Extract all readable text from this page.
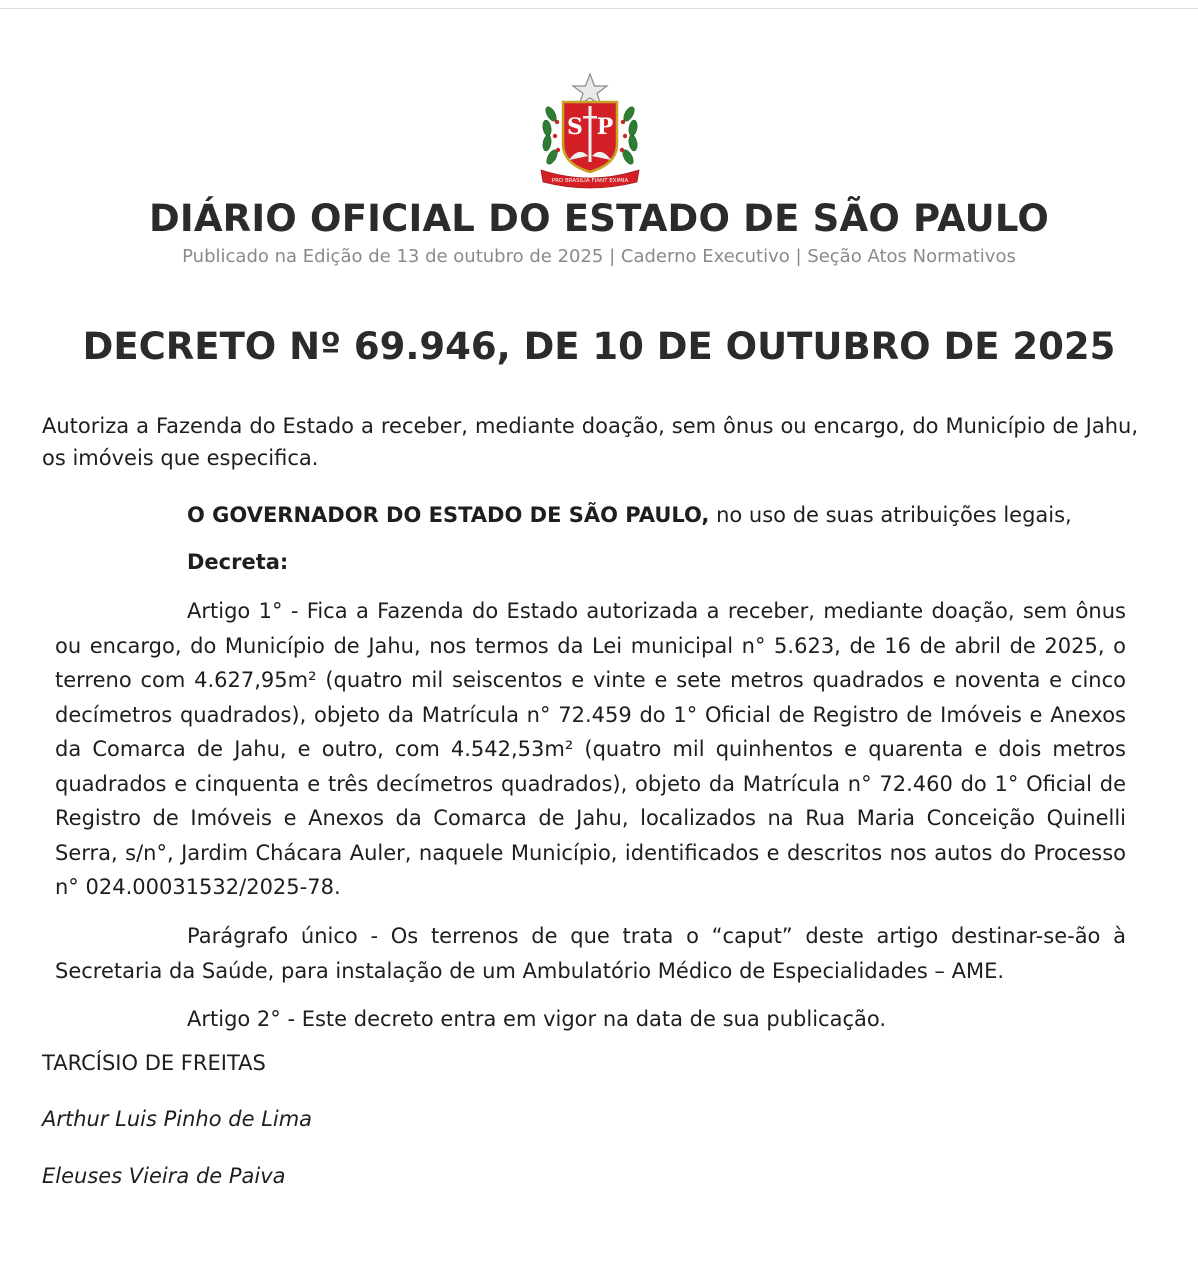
S P
PRO BRASILIA FIANT EXIMIA
DIÁRIO OFICIAL DO ESTADO DE SÃO PAULO
Publicado na Edição de 13 de outubro de 2025 | Caderno Executivo | Seção Atos Normativos
DECRETO Nº 69.946, DE 10 DE OUTUBRO DE 2025
Autoriza a Fazenda do Estado a receber, mediante doação, sem ônus ou encargo, do Município de Jahu, os imóveis que especifica.
O GOVERNADOR DO ESTADO DE SÃO PAULO, no uso de suas atribuições legais,
Decreta:
Artigo 1° - Fica a Fazenda do Estado autorizada a receber, mediante doação, sem ônus ou encargo, do Município de Jahu, nos termos da Lei municipal n° 5.623, de 16 de abril de 2025, o terreno com 4.627,95m² (quatro mil seiscentos e vinte e sete metros quadrados e noventa e cinco decímetros quadrados), objeto da Matrícula n° 72.459 do 1° Oficial de Registro de Imóveis e Anexos da Comarca de Jahu, e outro, com 4.542,53m² (quatro mil quinhentos e quarenta e dois metros quadrados e cinquenta e três decímetros quadrados), objeto da Matrícula n° 72.460 do 1° Oficial de Registro de Imóveis e Anexos da Comarca de Jahu, localizados na Rua Maria Conceição Quinelli Serra, s/n°, Jardim Chácara Auler, naquele Município, identificados e descritos nos autos do Processo n° 024.00031532/2025-78.
Parágrafo único - Os terrenos de que trata o “caput” deste artigo destinar-se-ão à Secretaria da Saúde, para instalação de um Ambulatório Médico de Especialidades – AME.
Artigo 2° - Este decreto entra em vigor na data de sua publicação.
TARCÍSIO DE FREITAS
Arthur Luis Pinho de Lima
Eleuses Vieira de Paiva
